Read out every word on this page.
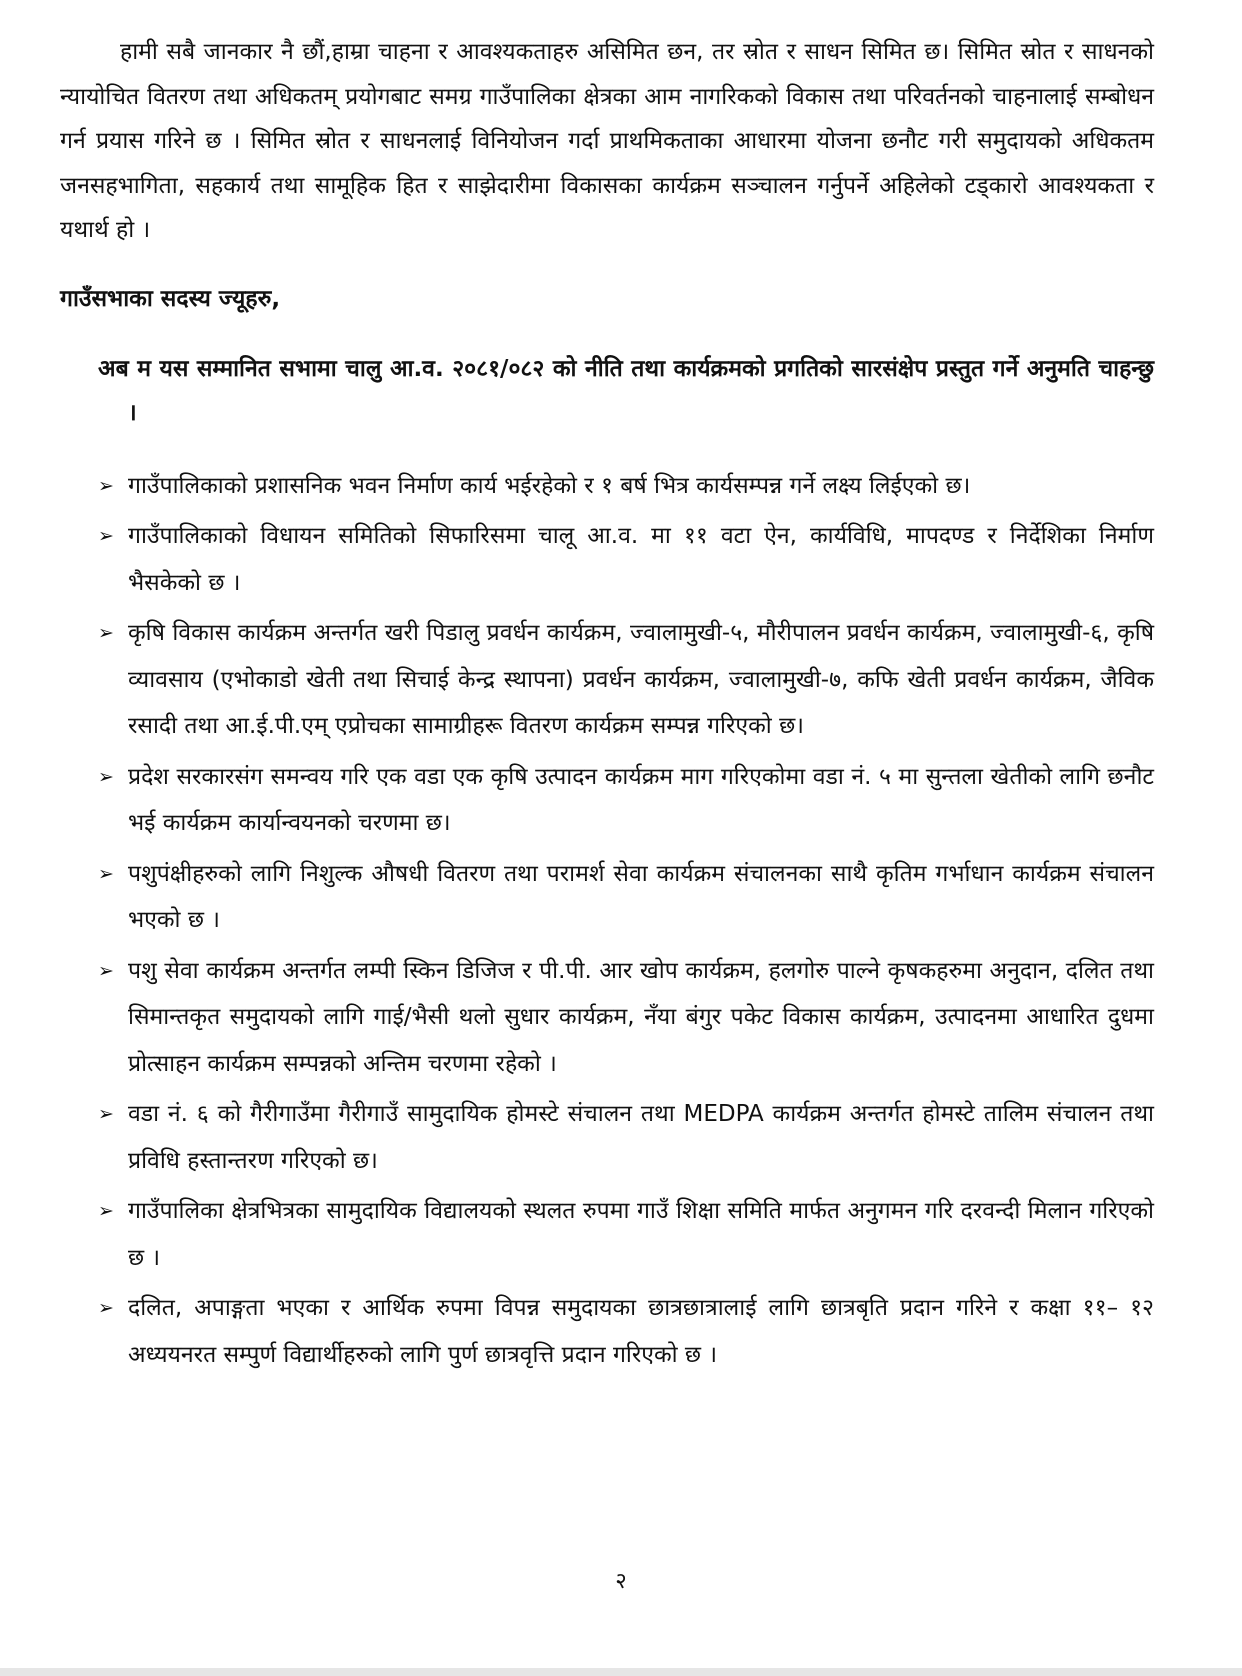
हामी सबै जानकार नै छौं,हाम्रा चाहना र आवश्यकताहरु असिमित छन, तर स्रोत र साधन सिमित छ। सिमित स्रोत र साधनको न्यायोचित वितरण तथा अधिकतम् प्रयोगबाट समग्र गाउँपालिका क्षेत्रका आम नागरिकको विकास तथा परिवर्तनको चाहनालाई सम्बोधन गर्न प्रयास गरिने छ । सिमित स्रोत र साधनलाई विनियोजन गर्दा प्राथमिकताका आधारमा योजना छनौट गरी समुदायको अधिकतम जनसहभागिता, सहकार्य तथा सामूहिक हित र साझेदारीमा विकासका कार्यक्रम सञ्चालन गर्नुपर्ने अहिलेको टड्कारो आवश्यकता र यथार्थ हो ।

गाउँसभाका सदस्य ज्यूहरु,

अब म यस सम्मानित सभामा चालु आ.व. २०८१/०८२ को नीति तथा कार्यक्रमको प्रगतिको सारसंक्षेप प्रस्तुत गर्ने अनुमति चाहन्छु ।

➢ गाउँपालिकाको प्रशासनिक भवन निर्माण कार्य भईरहेको र १ बर्ष भित्र कार्यसम्पन्न गर्ने लक्ष्य लिईएको छ।
➢ गाउँपालिकाको विधायन समितिको सिफारिसमा चालू आ.व. मा ११ वटा ऐन, कार्यविधि, मापदण्ड र निर्देशिका निर्माण भैसकेको छ ।
➢ कृषि विकास कार्यक्रम अन्तर्गत खरी पिडालु प्रवर्धन कार्यक्रम, ज्वालामुखी-५, मौरीपालन प्रवर्धन कार्यक्रम, ज्वालामुखी-६, कृषि व्यावसाय (एभोकाडो खेती तथा सिचाई केन्द्र स्थापना) प्रवर्धन कार्यक्रम, ज्वालामुखी-७, कफि खेती प्रवर्धन कार्यक्रम, जैविक रसादी तथा आ.ई.पी.एम् एप्रोचका सामाग्रीहरू वितरण कार्यक्रम सम्पन्न गरिएको छ।
➢ प्रदेश सरकारसंग समन्वय गरि एक वडा एक कृषि उत्पादन कार्यक्रम माग गरिएकोमा वडा नं. ५ मा सुन्तला खेतीको लागि छनौट भई कार्यक्रम कार्यान्वयनको चरणमा छ।
➢ पशुपंक्षीहरुको लागि निशुल्क औषधी वितरण तथा परामर्श सेवा कार्यक्रम संचालनका साथै कृतिम गर्भाधान कार्यक्रम संचालन भएको छ ।
➢ पशु सेवा कार्यक्रम अन्तर्गत लम्पी स्किन डिजिज र पी.पी. आर खोप कार्यक्रम, हलगोरु पाल्ने कृषकहरुमा अनुदान, दलित तथा सिमान्तकृत समुदायको लागि गाई/भैसी थलो सुधार कार्यक्रम, नँया बंगुर पकेट विकास कार्यक्रम, उत्पादनमा आधारित दुधमा प्रोत्साहन कार्यक्रम सम्पन्नको अन्तिम चरणमा रहेको ।
➢ वडा नं. ६ को गैरीगाउँमा गैरीगाउँ सामुदायिक होमस्टे संचालन तथा MEDPA कार्यक्रम अन्तर्गत होमस्टे तालिम संचालन तथा प्रविधि हस्तान्तरण गरिएको छ।
➢ गाउँपालिका क्षेत्रभित्रका सामुदायिक विद्यालयको स्थलत रुपमा गाउँ शिक्षा समिति मार्फत अनुगमन गरि दरवन्दी मिलान गरिएको छ ।
➢ दलित, अपाङ्गता भएका र आर्थिक रुपमा विपन्न समुदायका छात्रछात्रालाई लागि छात्रबृति प्रदान गरिने र कक्षा ११– १२ अध्ययनरत सम्पुर्ण विद्यार्थीहरुको लागि पुर्ण छात्रवृत्ति प्रदान गरिएको छ ।
२
